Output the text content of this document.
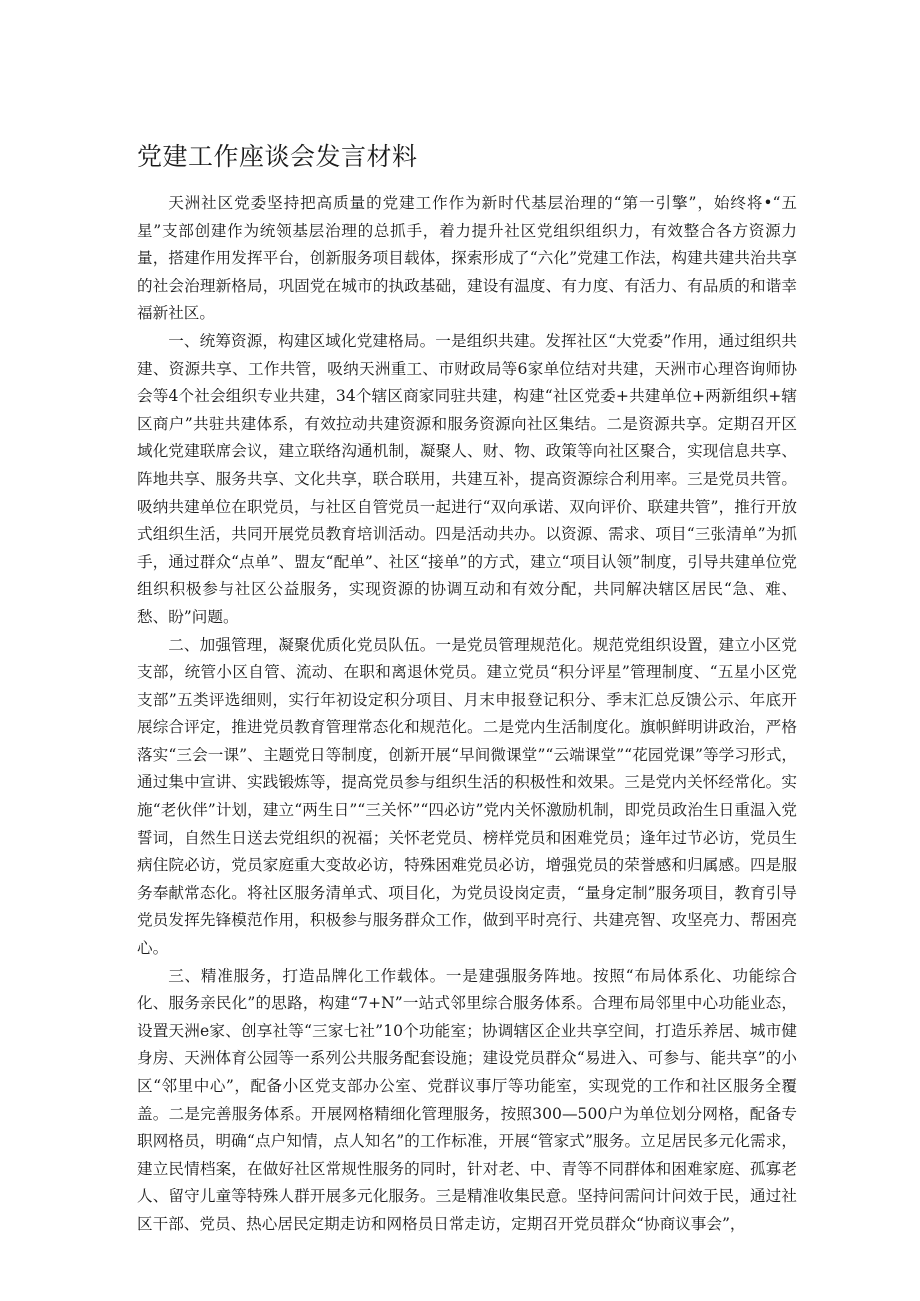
党建工作座谈会发言材料

天洲社区党委坚持把高质量的党建工作作为新时代基层治理的“第一引擎”，始终将•“五星”支部创建作为统领基层治理的总抓手，着力提升社区党组织组织力，有效整合各方资源力量，搭建作用发挥平台，创新服务项目载体，探索形成了“六化”党建工作法，构建共建共治共享的社会治理新格局，巩固党在城市的执政基础，建设有温度、有力度、有活力、有品质的和谐幸福新社区。

一、统筹资源，构建区域化党建格局。一是组织共建。发挥社区“大党委”作用，通过组织共建、资源共享、工作共管，吸纳天洲重工、市财政局等6家单位结对共建，天洲市心理咨询师协会等4个社会组织专业共建，34个辖区商家同驻共建，构建“社区党委+共建单位+两新组织+辖区商户”共驻共建体系，有效拉动共建资源和服务资源向社区集结。二是资源共享。定期召开区域化党建联席会议，建立联络沟通机制，凝聚人、财、物、政策等向社区聚合，实现信息共享、阵地共享、服务共享、文化共享，联合联用，共建互补，提高资源综合利用率。三是党员共管。吸纳共建单位在职党员，与社区自管党员一起进行“双向承诺、双向评价、联建共管”，推行开放式组织生活，共同开展党员教育培训活动。四是活动共办。以资源、需求、项目“三张清单”为抓手，通过群众“点单”、盟友“配单”、社区“接单”的方式，建立“项目认领”制度，引导共建单位党组织积极参与社区公益服务，实现资源的协调互动和有效分配，共同解决辖区居民“急、难、愁、盼”问题。

二、加强管理，凝聚优质化党员队伍。一是党员管理规范化。规范党组织设置，建立小区党支部，统管小区自管、流动、在职和离退休党员。建立党员“积分评星”管理制度、“五星小区党支部”五类评选细则，实行年初设定积分项目、月末申报登记积分、季末汇总反馈公示、年底开展综合评定，推进党员教育管理常态化和规范化。二是党内生活制度化。旗帜鲜明讲政治，严格落实“三会一课”、主题党日等制度，创新开展“早间微课堂”“云端课堂”“花园党课”等学习形式，通过集中宣讲、实践锻炼等，提高党员参与组织生活的积极性和效果。三是党内关怀经常化。实施“老伙伴”计划，建立“两生日”“三关怀”“四必访”党内关怀激励机制，即党员政治生日重温入党誓词，自然生日送去党组织的祝福；关怀老党员、榜样党员和困难党员；逢年过节必访，党员生病住院必访，党员家庭重大变故必访，特殊困难党员必访，增强党员的荣誉感和归属感。四是服务奉献常态化。将社区服务清单式、项目化，为党员设岗定责，“量身定制”服务项目，教育引导党员发挥先锋模范作用，积极参与服务群众工作，做到平时亮行、共建亮智、攻坚亮力、帮困亮心。

三、精准服务，打造品牌化工作载体。一是建强服务阵地。按照“布局体系化、功能综合化、服务亲民化”的思路，构建“7+N”一站式邻里综合服务体系。合理布局邻里中心功能业态，设置天洲e家、创享社等“三家七社”10个功能室；协调辖区企业共享空间，打造乐养居、城市健身房、天洲体育公园等一系列公共服务配套设施；建设党员群众“易进入、可参与、能共享”的小区“邻里中心”，配备小区党支部办公室、党群议事厅等功能室，实现党的工作和社区服务全覆盖。二是完善服务体系。开展网格精细化管理服务，按照300—500户为单位划分网格，配备专职网格员，明确“点户知情，点人知名”的工作标准，开展“管家式”服务。立足居民多元化需求，建立民情档案，在做好社区常规性服务的同时，针对老、中、青等不同群体和困难家庭、孤寡老人、留守儿童等特殊人群开展多元化服务。三是精准收集民意。坚持问需问计问效于民，通过社区干部、党员、热心居民定期走访和网格员日常走访，定期召开党员群众“协商议事会”，
